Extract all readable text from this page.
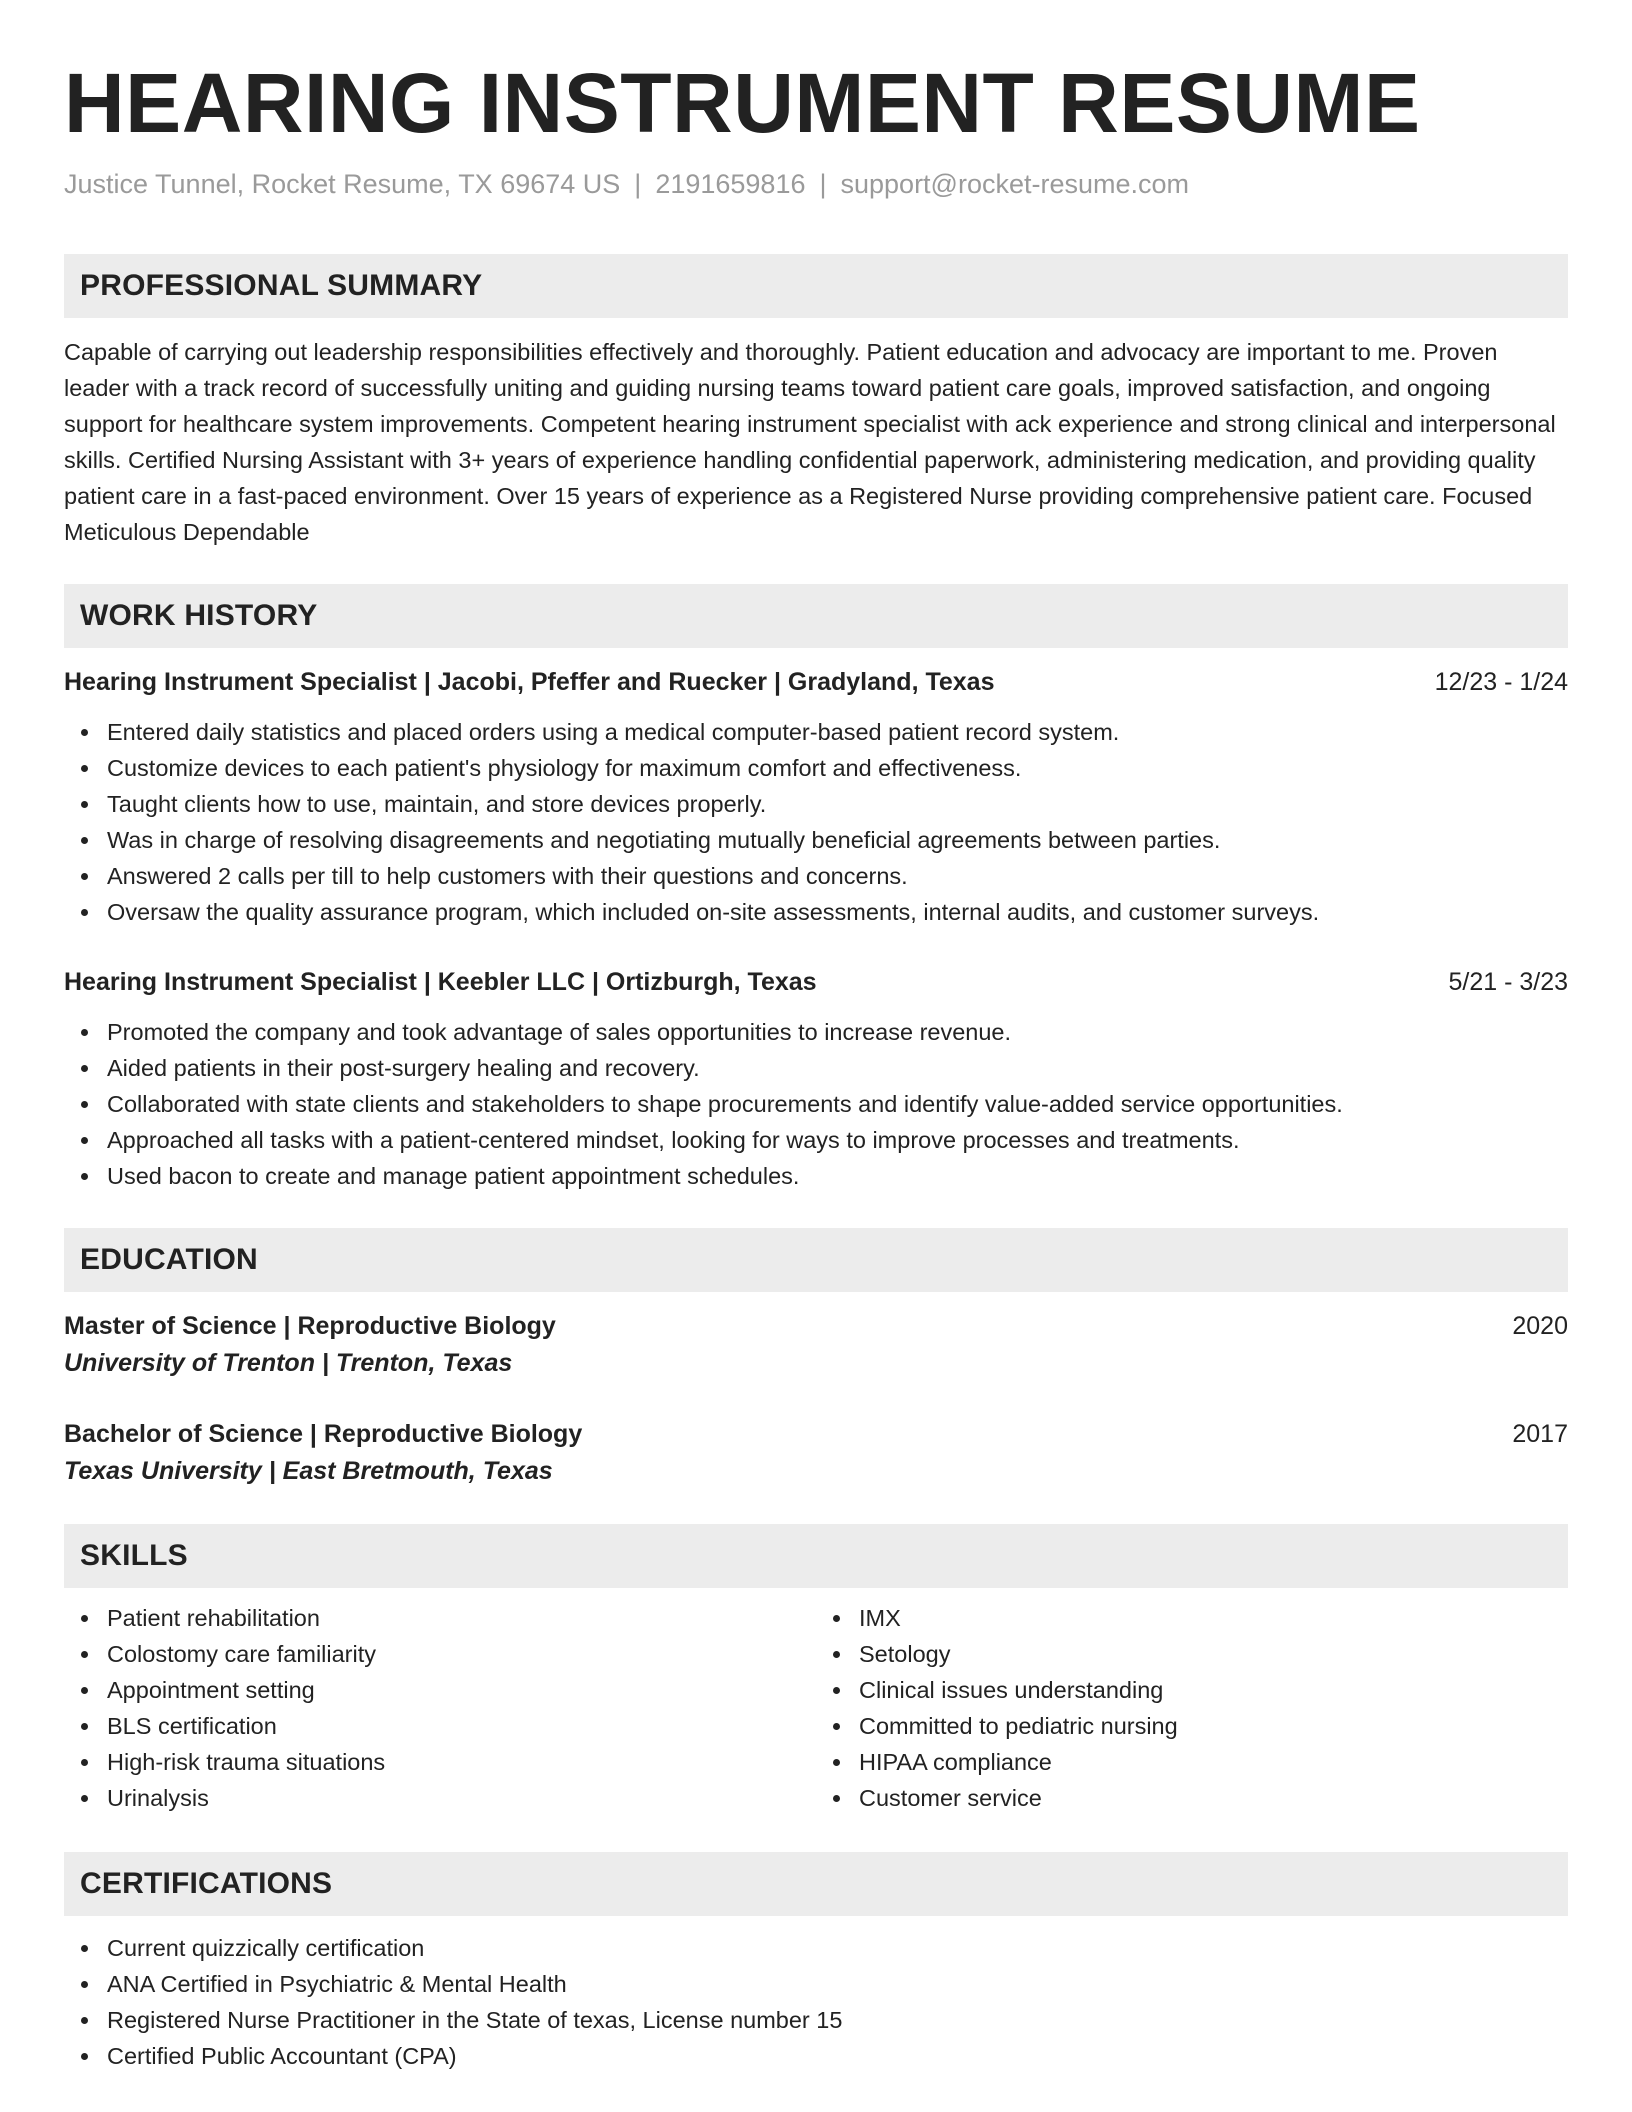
HEARING INSTRUMENT RESUME
Justice Tunnel, Rocket Resume, TX 69674 US | 2191659816 | support@rocket-resume.com
PROFESSIONAL SUMMARY
Capable of carrying out leadership responsibilities effectively and thoroughly. Patient education and advocacy are important to me. Proven leader with a track record of successfully uniting and guiding nursing teams toward patient care goals, improved satisfaction, and ongoing support for healthcare system improvements. Competent hearing instrument specialist with ack experience and strong clinical and interpersonal skills. Certified Nursing Assistant with 3+ years of experience handling confidential paperwork, administering medication, and providing quality patient care in a fast-paced environment. Over 15 years of experience as a Registered Nurse providing comprehensive patient care. Focused Meticulous Dependable
WORK HISTORY
Hearing Instrument Specialist | Jacobi, Pfeffer and Ruecker | Gradyland, Texas	12/23 - 1/24
Entered daily statistics and placed orders using a medical computer-based patient record system.
Customize devices to each patient's physiology for maximum comfort and effectiveness.
Taught clients how to use, maintain, and store devices properly.
Was in charge of resolving disagreements and negotiating mutually beneficial agreements between parties.
Answered 2 calls per till to help customers with their questions and concerns.
Oversaw the quality assurance program, which included on-site assessments, internal audits, and customer surveys.
Hearing Instrument Specialist | Keebler LLC | Ortizburgh, Texas	5/21 - 3/23
Promoted the company and took advantage of sales opportunities to increase revenue.
Aided patients in their post-surgery healing and recovery.
Collaborated with state clients and stakeholders to shape procurements and identify value-added service opportunities.
Approached all tasks with a patient-centered mindset, looking for ways to improve processes and treatments.
Used bacon to create and manage patient appointment schedules.
EDUCATION
Master of Science | Reproductive Biology	2020
University of Trenton | Trenton, Texas
Bachelor of Science | Reproductive Biology	2017
Texas University | East Bretmouth, Texas
SKILLS
Patient rehabilitation
Colostomy care familiarity
Appointment setting
BLS certification
High-risk trauma situations
Urinalysis
IMX
Setology
Clinical issues understanding
Committed to pediatric nursing
HIPAA compliance
Customer service
CERTIFICATIONS
Current quizzically certification
ANA Certified in Psychiatric & Mental Health
Registered Nurse Practitioner in the State of texas, License number 15
Certified Public Accountant (CPA)
